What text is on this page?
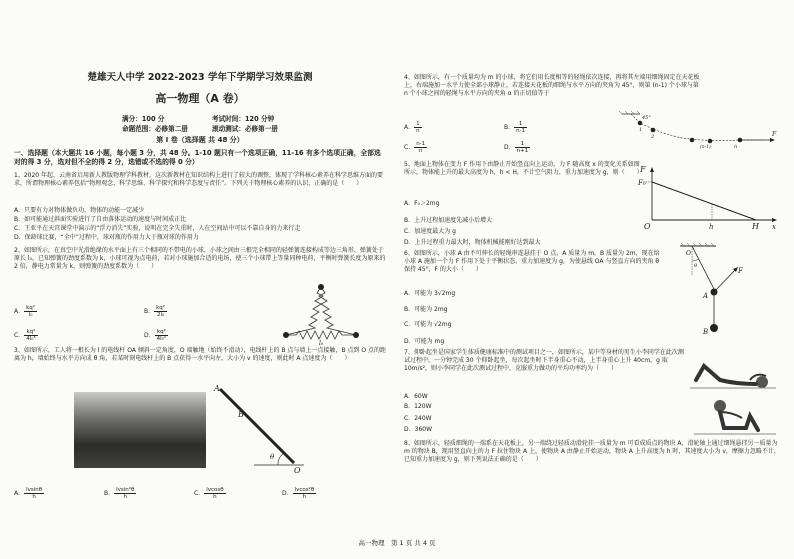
楚雄天人中学 2022-2023 学年下学期学习效果监测
高一物理（A 卷）
满分：100 分	考试时间：120 分钟
命题范围：必修第二册	滚动测试：必修第一册
第 I 卷（选择题 共 48 分）

一、选择题（本大题共 16 小题，每小题 3 分，共 48 分。1-10 题只有一个选项正确，11-16 有多个选项正确，全部选对的得 3 分，选对但不全的得 2 分，选错或不选的得 0 分）

1、2020 年起，云南省启用新人教版物理学科教材，这次新教材在知识结构上进行了较大的调整，体现了学科核心素养在科学思维方面的要求，所谓物理核心素养包括“物理观念、科学思维、科学探究和科学态度与责任”。下列关于物理核心素养的认识，正确的是（　　）

A．只要有力对物体做负功，物体的动能一定减少

B．如可能通过斜面实验进行了自由落体运动的速度与时间成正比

C．王亚平在天宫课堂中演示的“浮力消失”实验，说明在完全失重时，人在空间站中可以不靠自身的力来行走

D．保龄球比赛，“全中”过程中，球对瓶的作用力大于瓶对球的作用力

2、如图所示，在真空中光滑绝缘的水平面上有三个相同的不带电的小球，小球之间由三根完全相同的轻弹簧连接构成等边三角形，弹簧处于原长 l₀，已知弹簧的劲度系数为 k，小球可视为点电荷，若对小球施加合适的电场，使三个小球带上等量同种电荷，平衡时弹簧长度为原来的 2 倍，静电力常量为 k，则弹簧的劲度系数为（　　）

A． $\frac{\text{kq²}}{\text{l₀}}$	B． $\frac{\text{kq²}}{\text{2l₀}}$
C． $\frac{\text{kq²}}{\text{4l₀³}}$	D． $\frac{\text{kq²}}{\text{4l₀²}}$
l₀

3、如图所示，工人将一根长为 l 的电线杆 OA 倾斜一定角度，O 端触地（始终不滑动），电线杆上的 B 点与墙上一点接触，B 点到 O 点的距离为 h，墙始终与水平方向成 θ 角，若某时刻电线杆上的 B 点获得一水平向左、大小为 v 的速度，则此时 A 点速度为（　　）

A
B
O
θ
A． $\frac{lvsin\theta}{h}$	B． $\frac{\text{lvsin²θ}}{h}$	C． $\frac{lvcos\theta}{h}$	D． $\frac{\text{lvcos²θ}}{h}$

4、如图所示，有一个质量均为 m 的小球，将它们用长度相等的轻绳依次连接，再将其左端用细绳固定在天花板上，右端施加一水平力使全部小球静止，若连接天花板的细绳与水平方向的夹角为 45°，则第 (n-1) 个小球与第 n 个小球之间的轻绳与水平方向的夹角 α 的正切值等于

A． $\frac{1}{n}$	B． $\frac{1}{n-1}$
C． $\frac{n-1}{n}$	D． $\frac{1}{n+1}$
45°
1
2
n
(n-1)
F

5、地面上物体在变力 F 作用下由静止开始竖直向上运动，力 F 随高度 x 的变化关系如图所示，物体能上升的最大高度为 h，h < H，不计空气阻力，重力加速度为 g，则（　　）

A．F₀＞2mg

B．上升过程加速度先减小后增大

C．加速度最大为 g

D．上升过程重力最大时，物体机械能刚好达到最大

F
F₀
O	h	H x

6、如图所示，小球 A 由不可伸长的轻绳串连悬挂于 O 点，A 质量为 m，B 质量为 2m，现在给小球 A 施加一个力 F 作用下处于平衡状态，重力加速度为 g，为使悬线 OA 与竖直方向的夹角 θ 保持 45°，F 的大小（　　）

A．可能为 3√2mg

B．可能为 2mg

C．可能为 √2mg

D．可能为 mg

O
θ
A
B
F

7、仰卧起坐是国家学生体质健康标准中的测试项目之一，如图所示，某中等身材的男生小李同学在此次测试过程中，一分钟完成 30 个仰卧起坐，每次起坐时下半身重心不动，上半身重心上升 40cm，g 取 10m/s²，则小李同学在此次测试过程中，克服重力做功的平均功率约为（　　）

A．60W

B．120W

C．240W

D．360W

8、如图所示，轻质细绳的一端系在天花板上，另一端绕过轻质动滑轮挂一质量为 m 可看成质点的物块 A，滑轮轴上通过细绳悬挂另一质量为 m 的物块 B，现用竖直向上的力 F 拉住物块 A 上，使物块 A 由静止开始运动，物块 A 上升高度为 h 时，其速度大小为 v，摩擦力忽略不计，已知重力加速度为 g，则下列说法正确的是（　　）

高一物理　第 1 页 共 4 页
